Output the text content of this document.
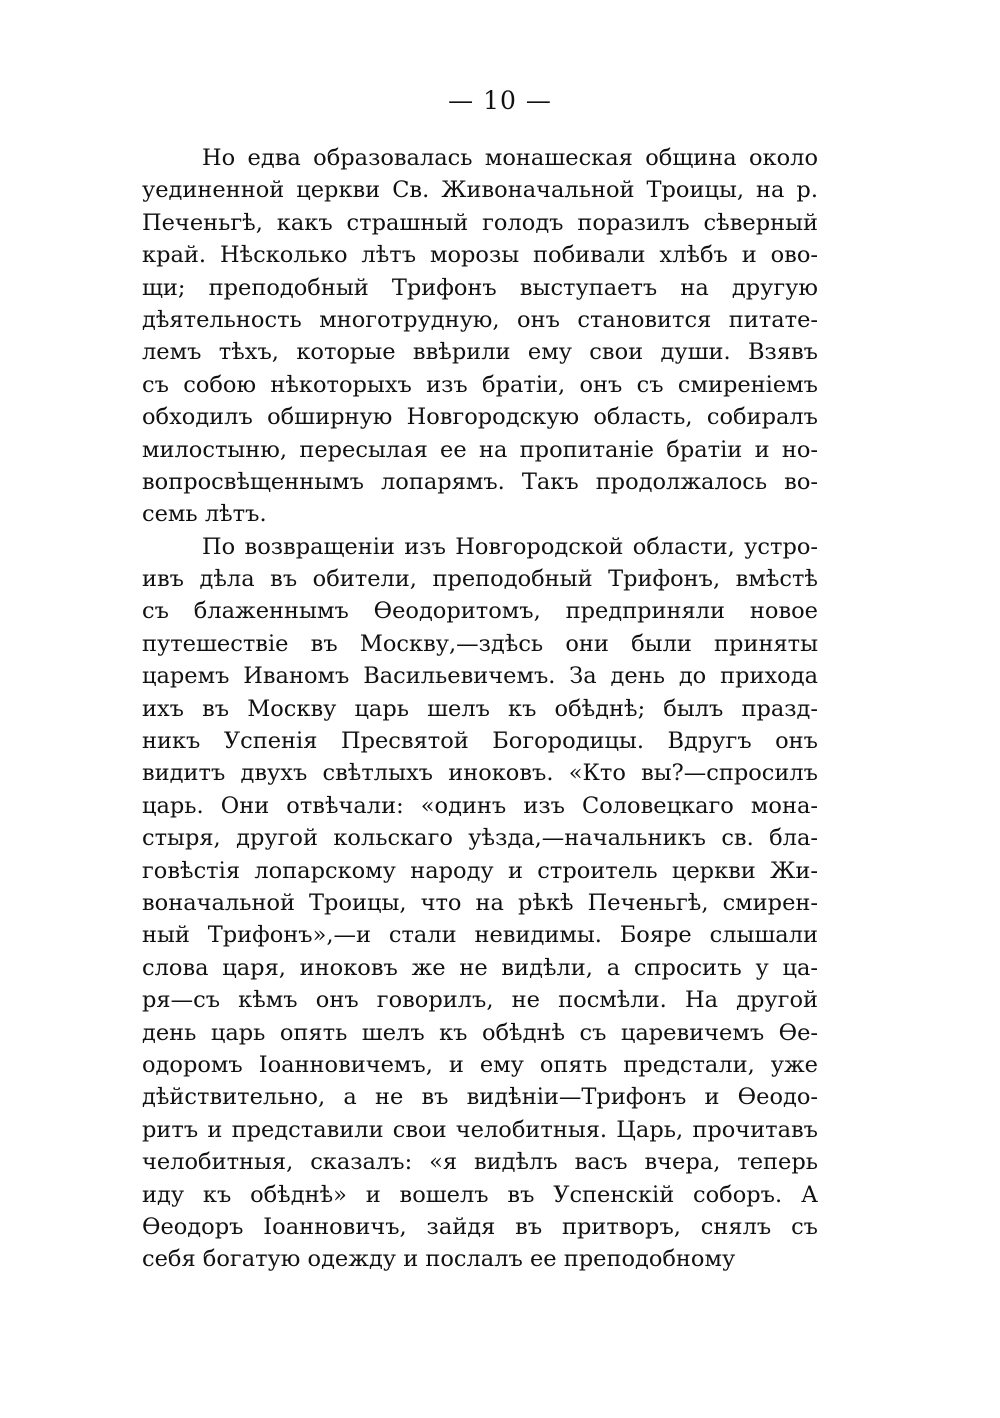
— 10 —
Но едва образовалась монашеская община около
уединенной церкви Св. Живоначальной Троицы, на р.
Печеньгѣ, какъ страшный голодъ поразилъ сѣверный
край. Нѣсколько лѣтъ морозы побивали хлѣбъ и ово-
щи; преподобный Трифонъ выступаетъ на другую
дѣятельность многотрудную, онъ становится питате-
лемъ тѣхъ, которые ввѣрили ему свои души. Взявъ
съ собою нѣкоторыхъ изъ братіи, онъ съ смиреніемъ
обходилъ обширную Новгородскую область, собиралъ
милостыню, пересылая ее на пропитаніе братіи и но-
вопросвѣщеннымъ лопарямъ. Такъ продолжалось во-
семь лѣтъ.
По возвращеніи изъ Новгородской области, устро-
ивъ дѣла въ обители, преподобный Трифонъ, вмѣстѣ
съ блаженнымъ Ѳеодоритомъ, предприняли новое
путешествіе въ Москву,—здѣсь они были приняты
царемъ Иваномъ Васильевичемъ. За день до прихода
ихъ въ Москву царь шелъ къ обѣднѣ; былъ празд-
никъ Успенія Пресвятой Богородицы. Вдругъ онъ
видитъ двухъ свѣтлыхъ иноковъ. «Кто вы?—спросилъ
царь. Они отвѣчали: «одинъ изъ Соловецкаго мона-
стыря, другой кольскаго уѣзда,—начальникъ св. бла-
говѣстія лопарскому народу и строитель церкви Жи-
воначальной Троицы, что на рѣкѣ Печеньгѣ, смирен-
ный Трифонъ»,—и стали невидимы. Бояре слышали
слова царя, иноковъ же не видѣли, а спросить у ца-
ря—съ кѣмъ онъ говорилъ, не посмѣли. На другой
день царь опять шелъ къ обѣднѣ съ царевичемъ Ѳе-
одоромъ Іоанновичемъ, и ему опять предстали, уже
дѣйствительно, а не въ видѣніи—Трифонъ и Ѳеодо-
ритъ и представили свои челобитныя. Царь, прочитавъ
челобитныя, сказалъ: «я видѣлъ васъ вчера, теперь
иду къ обѣднѣ» и вошелъ въ Успенскій соборъ. А
Ѳеодоръ Іоанновичъ, зайдя въ притворъ, снялъ съ
себя богатую одежду и послалъ ее преподобному
